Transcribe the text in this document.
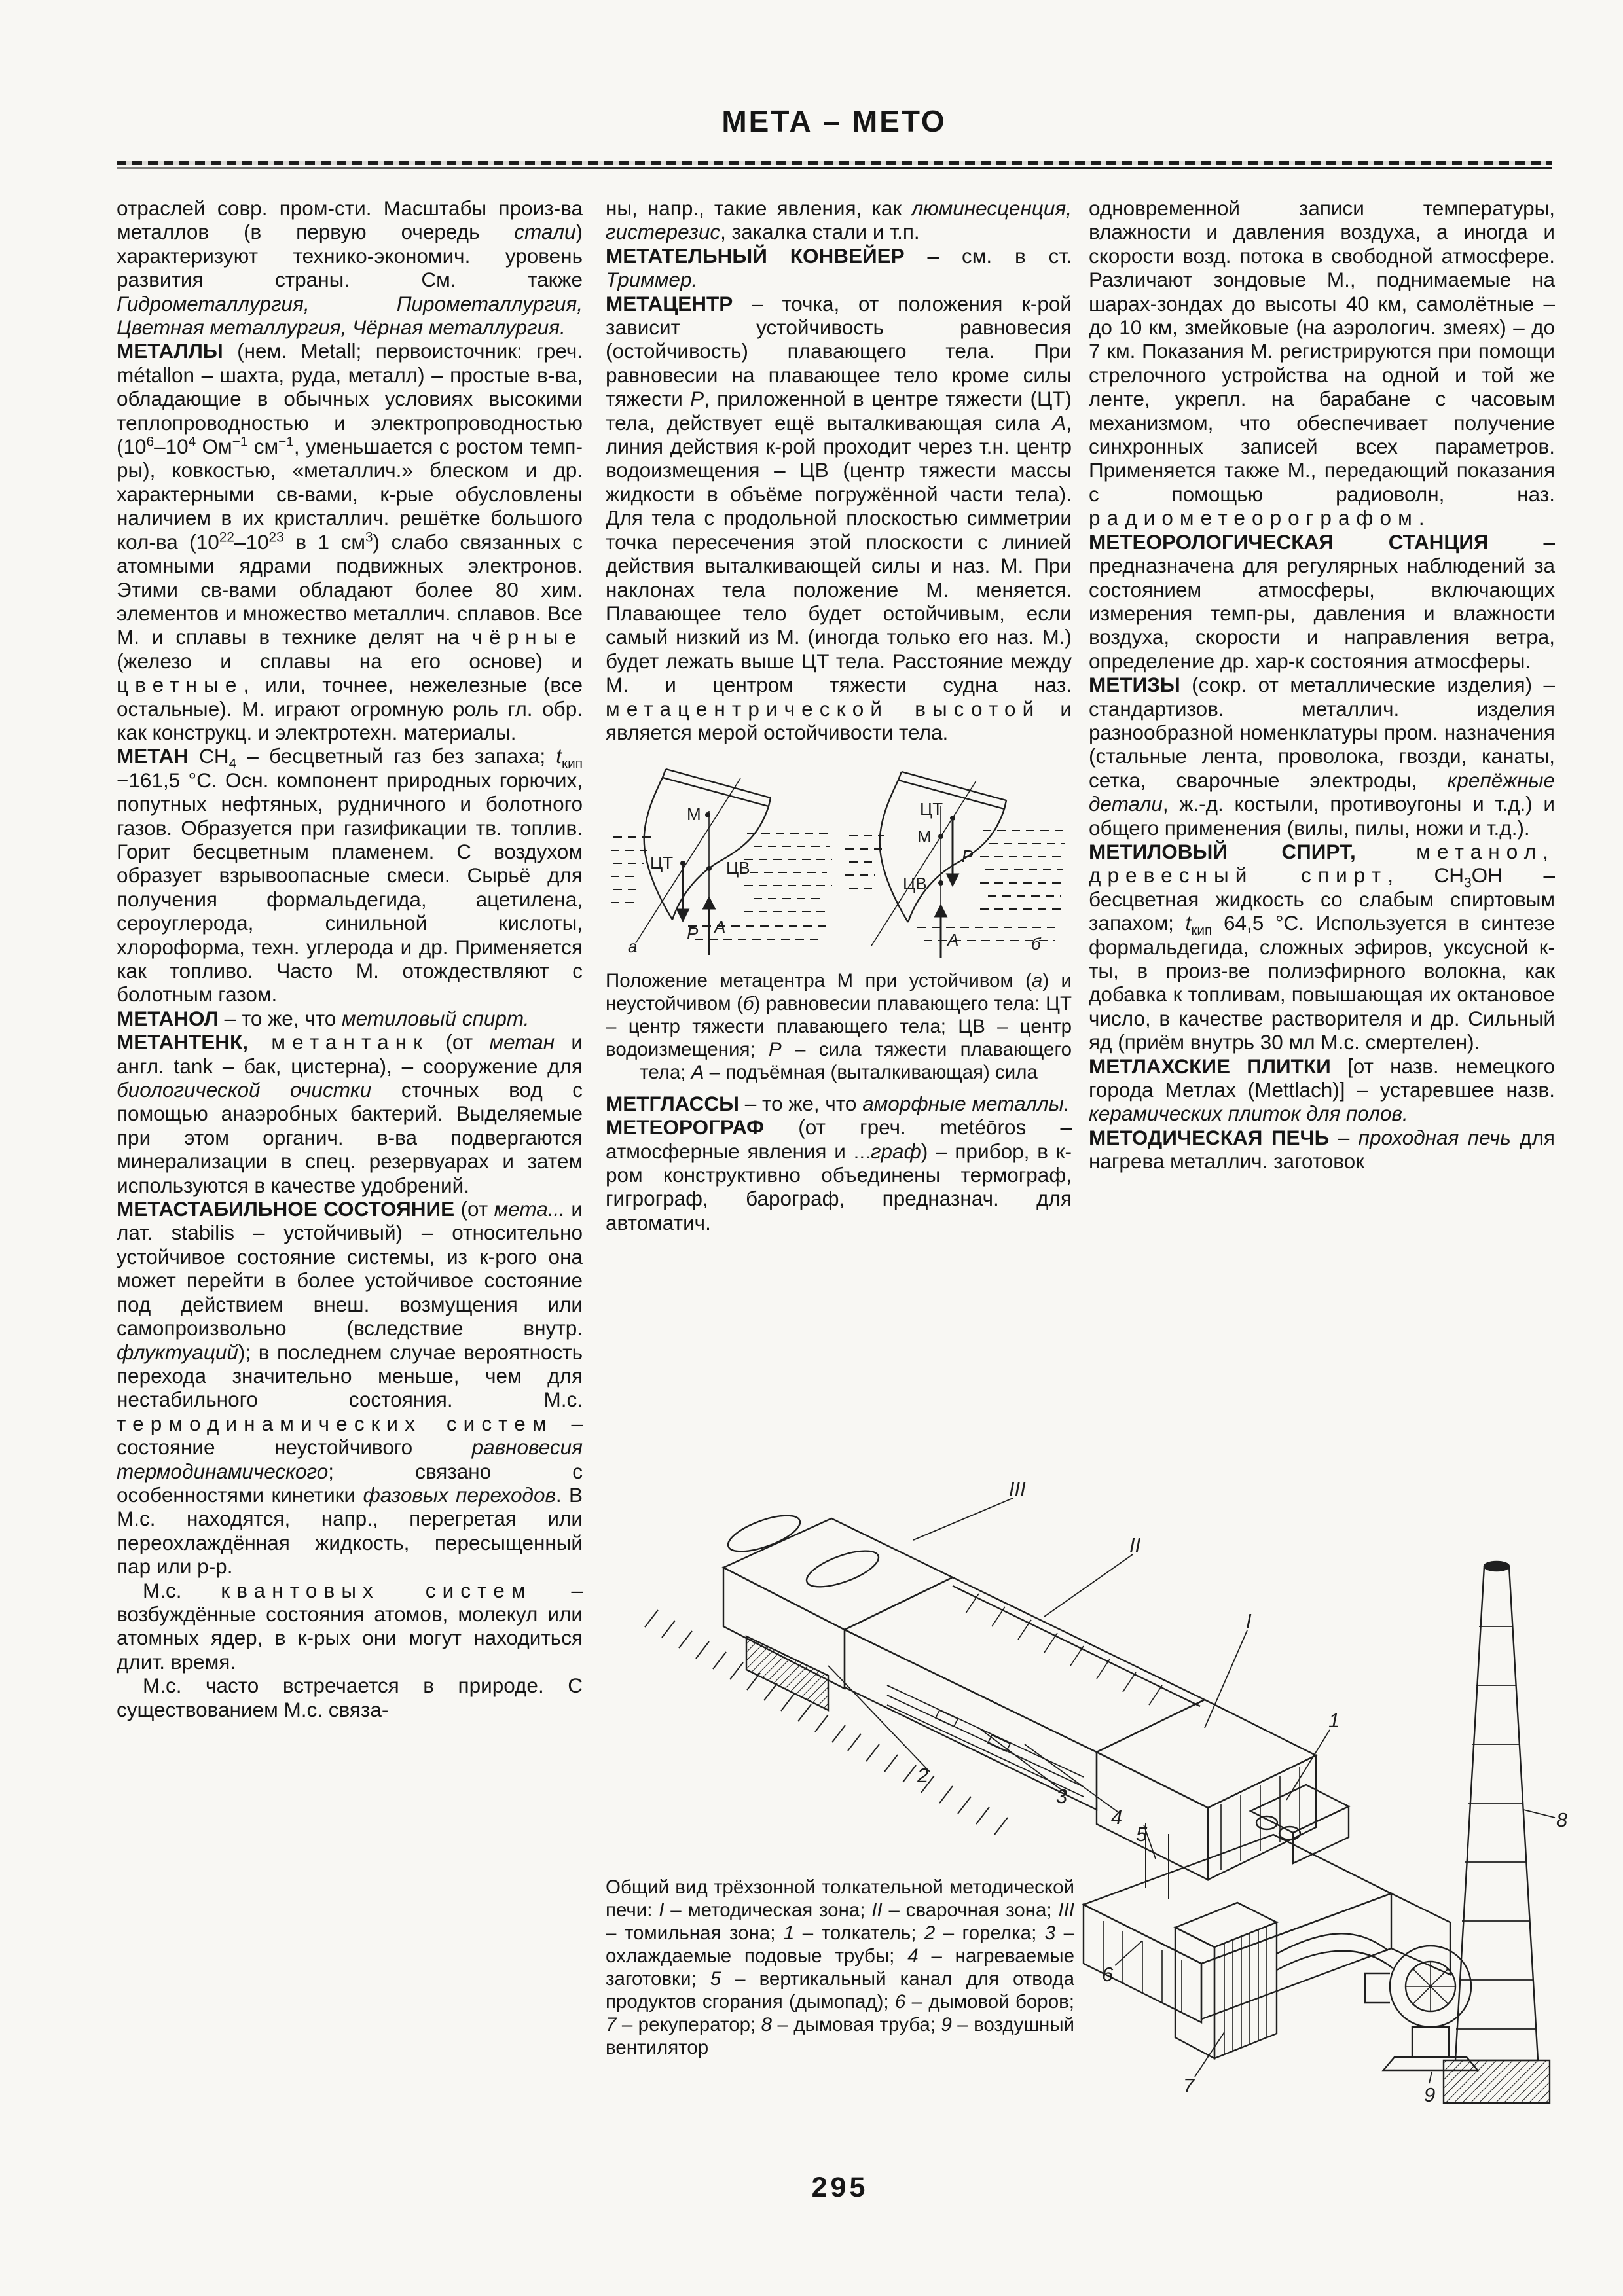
МЕТА – МЕТО

отраслей совр. пром-сти. Масштабы произ-ва металлов (в первую очередь стали) характеризуют технико-экономич. уровень развития страны. См. также Гидрометаллургия, Пирометаллургия, Цветная металлургия, Чёрная металлургия.

МЕТАЛЛЫ (нем. Metall; первоисточник: греч. métallon – шахта, руда, металл) – простые в-ва, обладающие в обычных условиях высокими теплопроводностью и электропроводностью ($10^6-10^4$ $Ом^{-1}$ $см^{-1}$, уменьшается с ростом темп-ры), ковкостью, «металлич.» блеском и др. характерными св-вами, к-рые обусловлены наличием в их кристаллич. решётке большого кол-ва ($10^{22}-10^{23}$ в 1 $см^3$) слабо связанных с атомными ядрами подвижных электронов. Этими св-вами обладают более 80 хим. элементов и множество металлич. сплавов. Все М. и сплавы в технике делят на чёрные (железо и сплавы на его основе) и цветные, или, точнее, нежелезные (все остальные). М. играют огромную роль гл. обр. как конструкц. и электротехн. материалы.

МЕТАН $CH_4$ – бесцветный газ без запаха; $t_{кип} -161,5$ °C. Осн. компонент природных горючих, попутных нефтяных, рудничного и болотного газов. Образуется при газификации тв. топлив. Горит бесцветным пламенем. С воздухом образует взрывоопасные смеси. Сырьё для получения формальдегида, ацетилена, сероуглерода, синильной кислоты, хлороформа, техн. углерода и др. Применяется как топливо. Часто М. отождествляют с болотным газом.

МЕТАНОЛ – то же, что метиловый спирт.

МЕТАНТЕНК, метантанк (от метан и англ. tank – бак, цистерна), – сооружение для биологической очистки сточных вод с помощью анаэробных бактерий. Выделяемые при этом органич. в-ва подвергаются минерализации в спец. резервуарах и затем используются в качестве удобрений.

МЕТАСТАБИЛЬНОЕ СОСТОЯНИЕ (от мета... и лат. stabilis – устойчивый) – относительно устойчивое состояние системы, из к-рого она может перейти в более устойчивое состояние под действием внеш. возмущения или самопроизвольно (вследствие внутр. флуктуаций); в последнем случае вероятность перехода значительно меньше, чем для нестабильного состояния. М.с. термодинамических систем – состояние неустойчивого равновесия термодинамического; связано с особенностями кинетики фазовых переходов. В М.с. находятся, напр., перегретая или переохлаждённая жидкость, пересыщенный пар или р-р.

М.с. квантовых систем – возбуждённые состояния атомов, молекул или атомных ядер, в к-рых они могут находиться длит. время.

М.с. часто встречается в природе. С существованием М.с. связа-

ны, напр., такие явления, как люминесценция, гистерезис, закалка стали и т.п.

МЕТАТЕЛЬНЫЙ КОНВЕЙЕР – см. в ст. Триммер.

МЕТАЦЕНТР – точка, от положения к-рой зависит устойчивость равновесия (остойчивость) плавающего тела. При равновесии на плавающее тело кроме силы тяжести Р, приложенной в центре тяжести (ЦТ) тела, действует ещё выталкивающая сила А, линия действия к-рой проходит через т.н. центр водоизмещения – ЦВ (центр тяжести массы жидкости в объёме погружённой части тела). Для тела с продольной плоскостью симметрии точка пересечения этой плоскости с линией действия выталкивающей силы и наз. М. При наклонах тела положение М. меняется. Плавающее тело будет остойчивым, если самый низкий из М. (иногда только его наз. М.) будет лежать выше ЦТ тела. Расстояние между М. и центром тяжести судна наз. метацентрической высотой и является мерой остойчивости тела.

М
ЦТ	ЦВ
Р А
а
ЦТ
М
ЦВ
Р
А	б
Положение метацентра М при устойчивом (а) и неустойчивом (б) равновесии плавающего тела: ЦТ – центр тяжести плавающего тела; ЦВ – центр водоизмещения; Р – сила тяжести плавающего тела; А – подъёмная (выталкивающая) сила

МЕТГЛАССЫ – то же, что аморфные металлы.

МЕТЕОРОГРАФ (от греч. metéōros – атмосферные явления и ...граф) – прибор, в к-ром конструктивно объединены термограф, гигрограф, барограф, предназнач. для автоматич.

одновременной записи температуры, влажности и давления воздуха, а иногда и скорости возд. потока в свободной атмосфере. Различают зондовые М., поднимаемые на шарах-зондах до высоты 40 км, самолётные – до 10 км, змейковые (на аэрологич. змеях) – до 7 км. Показания М. регистрируются при помощи стрелочного устройства на одной и той же ленте, укрепл. на барабане с часовым механизмом, что обеспечивает получение синхронных записей всех параметров. Применяется также М., передающий показания с помощью радиоволн, наз. радиометеорографом.

МЕТЕОРОЛОГИЧЕСКАЯ СТАНЦИЯ – предназначена для регулярных наблюдений за состоянием атмосферы, включающих измерения темп-ры, давления и влажности воздуха, скорости и направления ветра, определение др. хар-к состояния атмосферы.

МЕТИЗЫ (сокр. от металлические изделия) – стандартизов. металлич. изделия разнообразной номенклатуры пром. назначения (стальные лента, проволока, гвозди, канаты, сетка, сварочные электроды, крепёжные детали, ж.-д. костыли, противоугоны и т.д.) и общего применения (вилы, пилы, ножи и т.д.).

МЕТИЛОВЫЙ СПИРТ, метанол, древесный спирт, $CH_3OH$ – бесцветная жидкость со слабым спиртовым запахом; $t_{кип}$ 64,5 °C. Используется в синтезе формальдегида, сложных эфиров, уксусной к-ты, в произ-ве полиэфирного волокна, как добавка к топливам, повышающая их октановое число, в качестве растворителя и др. Сильный яд (приём внутрь 30 мл М.с. смертелен).

МЕТЛАХСКИЕ ПЛИТКИ [от назв. немецкого города Метлах (Mettlach)] – устаревшее назв. керамических плиток для полов.

МЕТОДИЧЕСКАЯ ПЕЧЬ – проходная печь для нагрева металлич. заготовок

III
II
I
1
2
3
4
5
6
7
8
9
Общий вид трёхзонной толкательной методической печи: I – методическая зона; II – сварочная зона; III – томильная зона; 1 – толкатель; 2 – горелка; 3 – охлаждаемые подовые трубы; 4 – нагреваемые заготовки; 5 – вертикальный канал для отвода продуктов сгорания (дымопад); 6 – дымовой боров; 7 – рекуператор; 8 – дымовая труба; 9 – воздушный вентилятор
295
